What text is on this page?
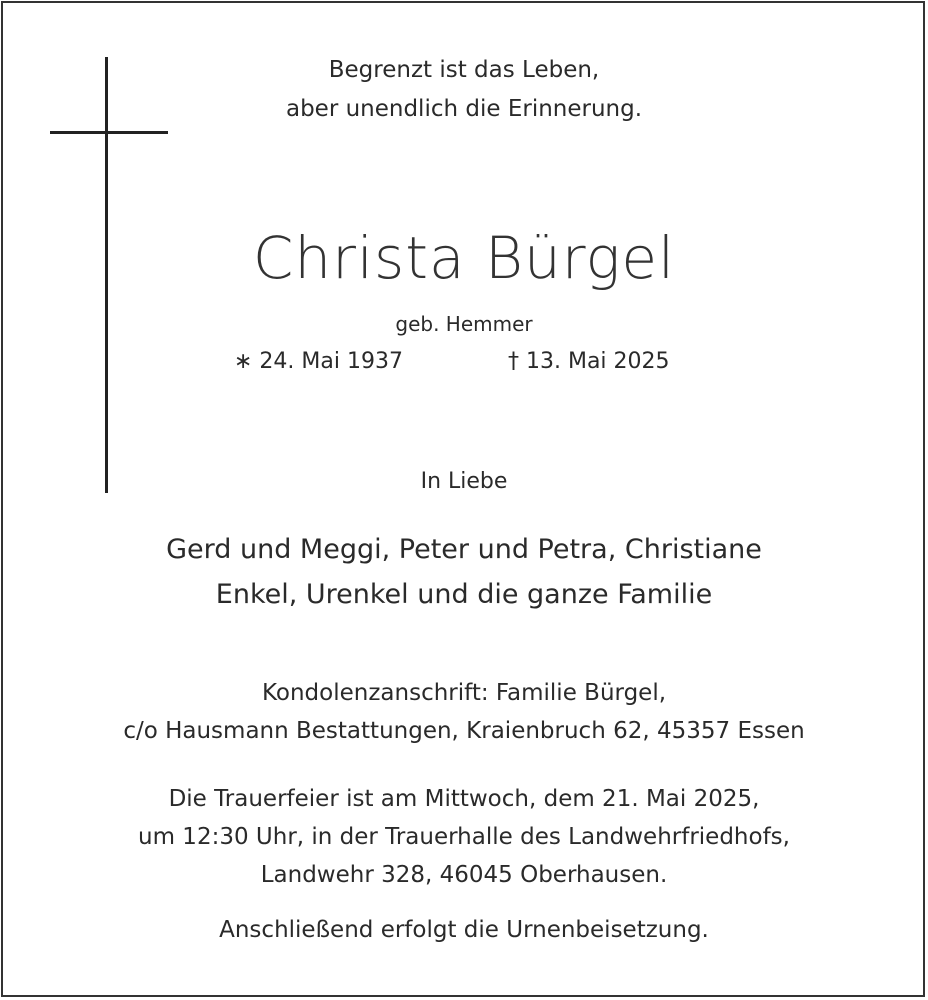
Begrenzt ist das Leben,
aber unendlich die Erinnerung.
Christa Bürgel
geb. Hemmer
∗ 24. Mai 1937	† 13. Mai 2025
In Liebe
Gerd und Meggi, Peter und Petra, Christiane
Enkel, Urenkel und die ganze Familie
Kondolenzanschrift: Familie Bürgel,
c/o Hausmann Bestattungen, Kraienbruch 62, 45357 Essen
Die Trauerfeier ist am Mittwoch, dem 21. Mai 2025,
um 12:30 Uhr, in der Trauerhalle des Landwehrfriedhofs,
Landwehr 328, 46045 Oberhausen.
Anschließend erfolgt die Urnenbeisetzung.
